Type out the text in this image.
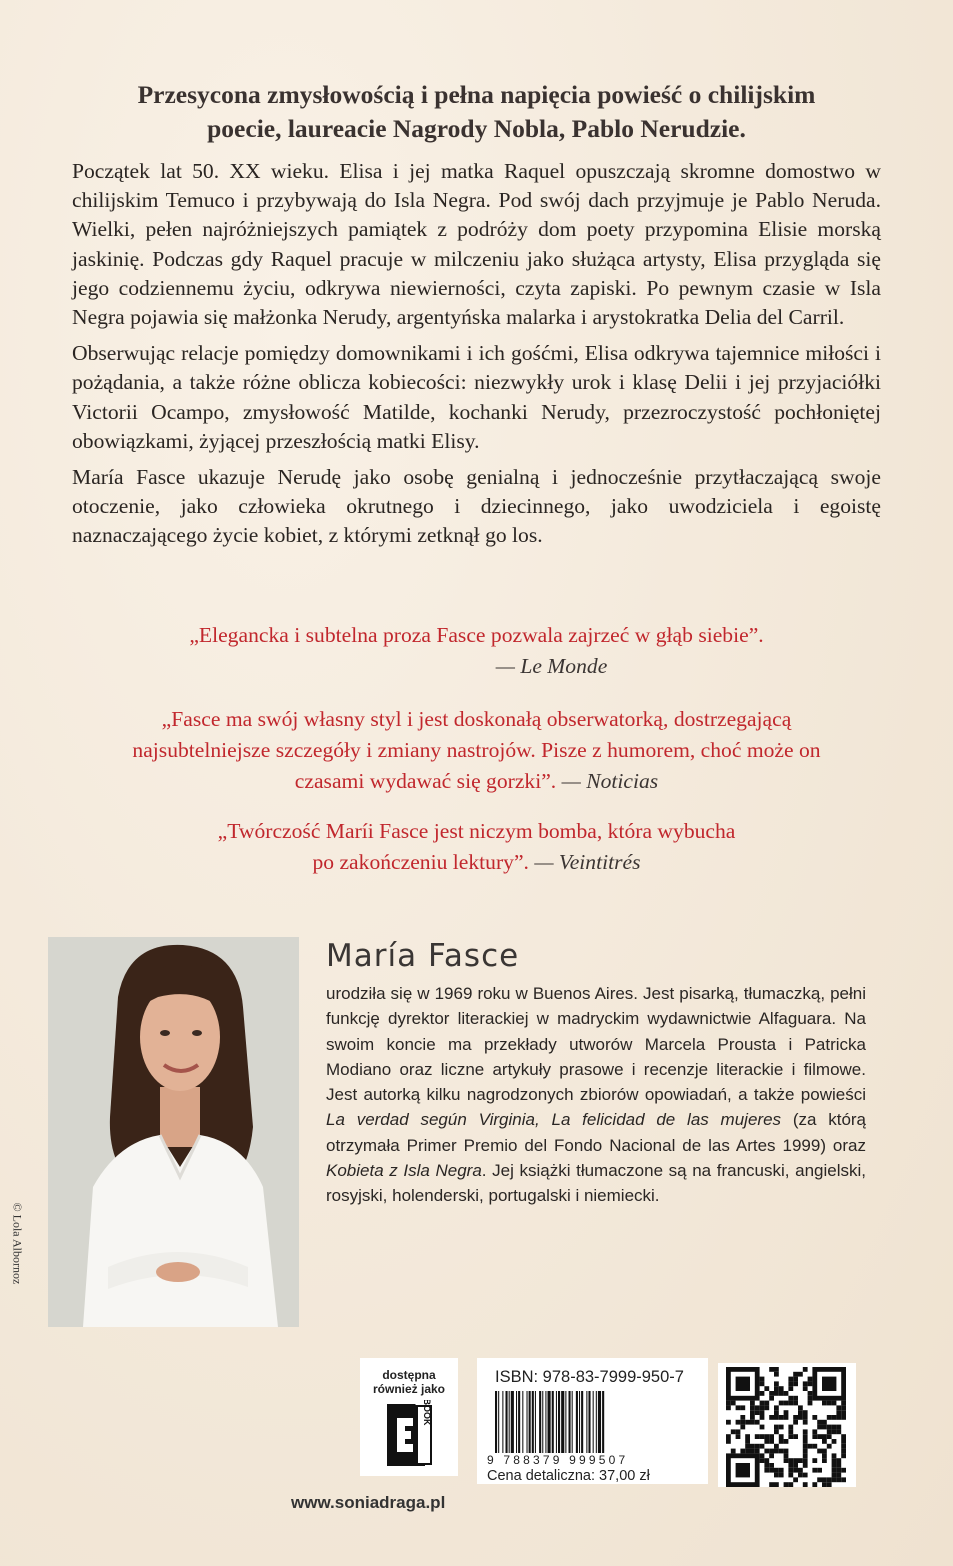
Przesycona zmysłowością i pełna napięcia powieść o chilijskim
poecie, laureacie Nagrody Nobla, Pablo Nerudzie.

Początek lat 50. XX wieku. Elisa i jej matka Raquel opuszczają skromne domostwo w chilijskim Temuco i przybywają do Isla Negra. Pod swój dach przyjmuje je Pablo Neruda. Wielki, pełen najróżniejszych pamiątek z podróży dom poety przypomina Elisie morską jaskinię. Podczas gdy Raquel pracuje w milczeniu jako służąca artysty, Elisa przygląda się jego codziennemu życiu, odkrywa niewierności, czyta zapiski. Po pewnym czasie w Isla Negra pojawia się małżonka Nerudy, argentyńska malarka i arystokratka Delia del Carril.

Obserwując relacje pomiędzy domownikami i ich gośćmi, Elisa odkrywa tajemnice miłości i pożądania, a także różne oblicza kobiecości: niezwykły urok i klasę Delii i jej przyjaciółki Victorii Ocampo, zmysłowość Matilde, kochanki Nerudy, przezroczystość pochłoniętej obowiązkami, żyjącej przeszłością matki Elisy.

María Fasce ukazuje Nerudę jako osobę genialną i jednocześnie przytłaczającą swoje otoczenie, jako człowieka okrutnego i dziecinnego, jako uwodziciela i egoistę naznaczającego życie kobiet, z którymi zetknął go los.

„Elegancka i subtelna proza Fasce pozwala zajrzeć w głąb siebie”.
— Le Monde
„Fasce ma swój własny styl i jest doskonałą obserwatorką, dostrzegającą
najsubtelniejsze szczegóły i zmiany nastrojów. Pisze z humorem, choć może on
czasami wydawać się gorzki”. — Noticias
„Twórczość Maríi Fasce jest niczym bomba, która wybucha
po zakończeniu lektury”. — Veintitrés
© Lola Albornoz
María Fasce
urodziła się w 1969 roku w Buenos Aires. Jest pisarką, tłumaczką, pełni funkcję dyrektor literackiej w madryckim wydawnictwie Alfaguara. Na swoim koncie ma przekłady utworów Marcela Prousta i Patricka Modiano oraz liczne artykuły prasowe i recenzje literackie i filmowe. Jest autorką kilku nagrodzonych zbiorów opowiadań, a także powieści La verdad según Virginia, La felicidad de las mujeres (za którą otrzymała Primer Premio del Fondo Nacional de las Artes 1999) oraz Kobieta z Isla Negra. Jej książki tłumaczone są na francuski, angielski, rosyjski, holenderski, portugalski i niemiecki.
dostępna
również jako
BOOK
ISBN: 978-83-7999-950-7
9 788379 999507
Cena detaliczna: 37,00 zł
www.soniadraga.pl
